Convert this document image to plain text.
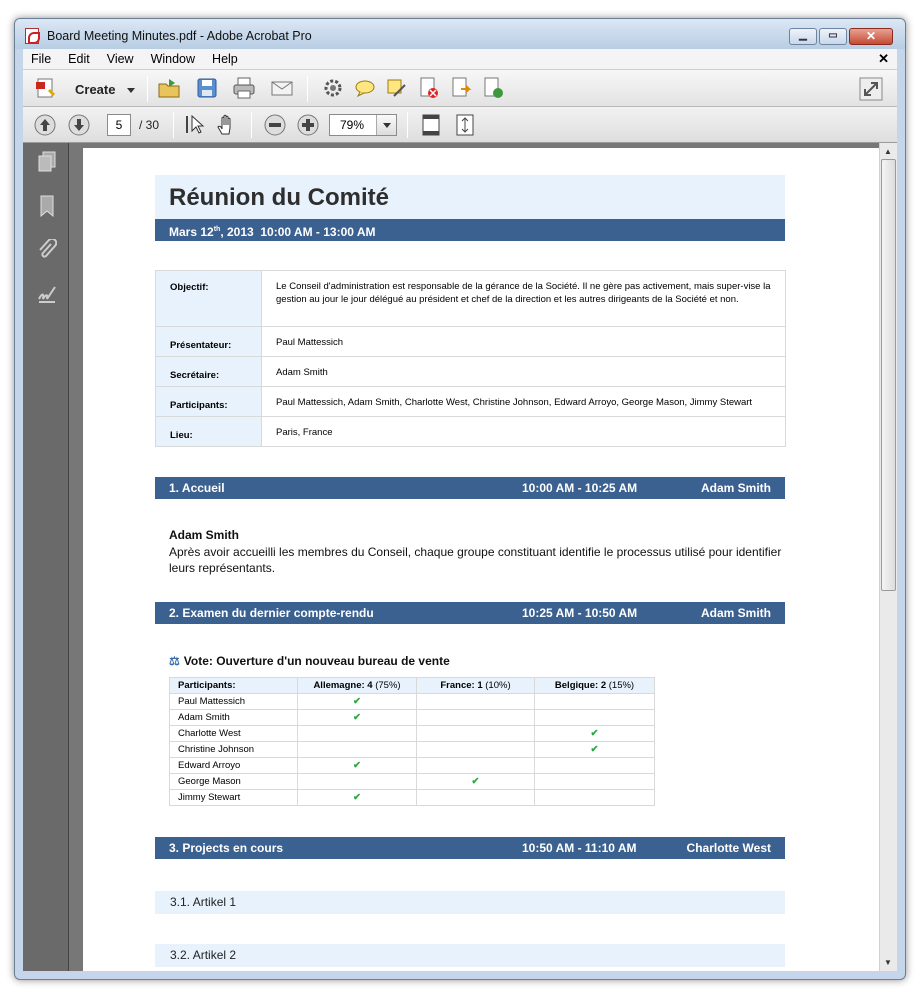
Board Meeting Minutes.pdf - Adobe Acrobat Pro	▁	▭	✕
File	Edit	View	Window	Help	✕
Create
5	/ 30	79%
Réunion du Comité
Mars 12th, 2013  10:00 AM - 13:00 AM
Objectif:	Le Conseil d'administration est responsable de la gérance de la Société. Il ne gère pas activement, mais super-vise la gestion au jour le jour délégué au président et chef de la direction et les autres dirigeants de la Société et non.
Présentateur:	Paul Mattessich
Secrétaire:	Adam Smith
Participants:	Paul Mattessich, Adam Smith, Charlotte West, Christine Johnson, Edward Arroyo, George Mason, Jimmy Stewart
Lieu:	Paris, France
1. Accueil	10:00 AM - 10:25 AM	Adam Smith
Adam Smith
Après avoir accueilli les membres du Conseil, chaque groupe constituant identifie le processus utilisé pour identifier leurs représentants.
2. Examen du dernier compte-rendu	10:25 AM - 10:50 AM	Adam Smith
⚖ Vote: Ouverture d'un nouveau bureau de vente
Participants:	Allemagne: 4 (75%)	France: 1 (10%)	Belgique: 2 (15%)
Paul Mattessich	✔		
Adam Smith	✔		
Charlotte West			✔
Christine Johnson			✔
Edward Arroyo	✔		
George Mason		✔	
Jimmy Stewart	✔		
3. Projects en cours	10:50 AM - 11:10 AM	Charlotte West
3.1. Artikel 1
3.2. Artikel 2
▲
▼
